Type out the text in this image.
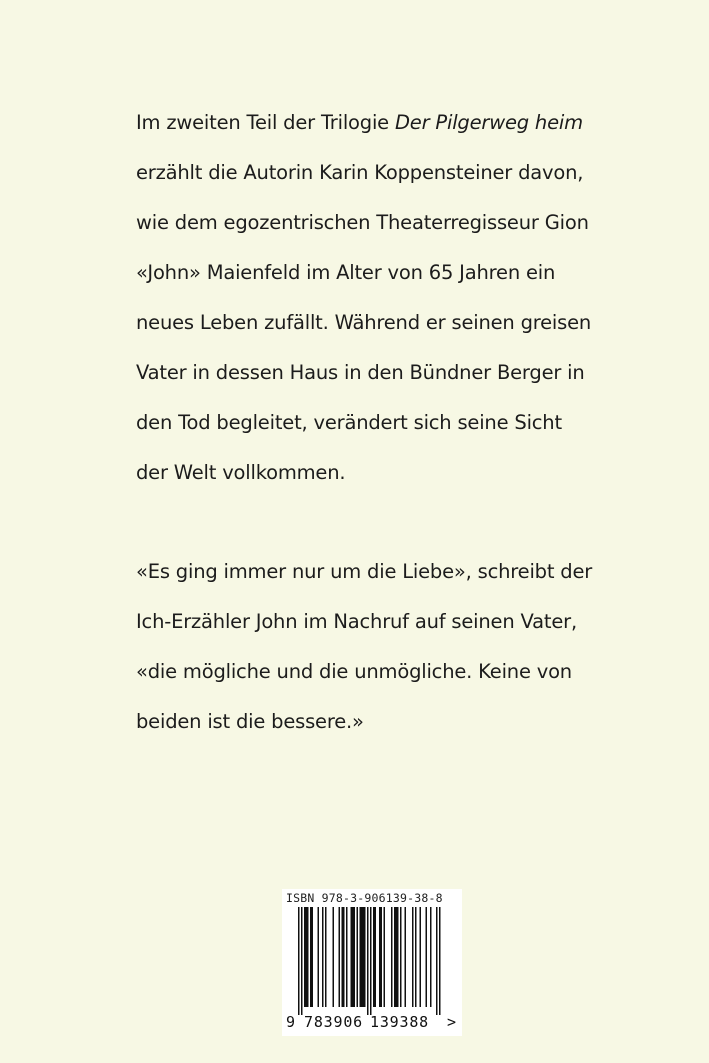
Im zweiten Teil der Trilogie Der Pilgerweg heim
erzählt die Autorin Karin Koppensteiner davon,
wie dem egozentrischen Theaterregisseur Gion
«John» Maienfeld im Alter von 65 Jahren ein
neues Leben zufällt. Während er seinen greisen
Vater in dessen Haus in den Bündner Berger in
den Tod begleitet, verändert sich seine Sicht
der Welt vollkommen.
«Es ging immer nur um die Liebe», schreibt der
Ich-Erzähler John im Nachruf auf seinen Vater,
«die mögliche und die unmögliche. Keine von
beiden ist die bessere.»
ISBN 978-3-906139-38-8
9 783906 139388 >
